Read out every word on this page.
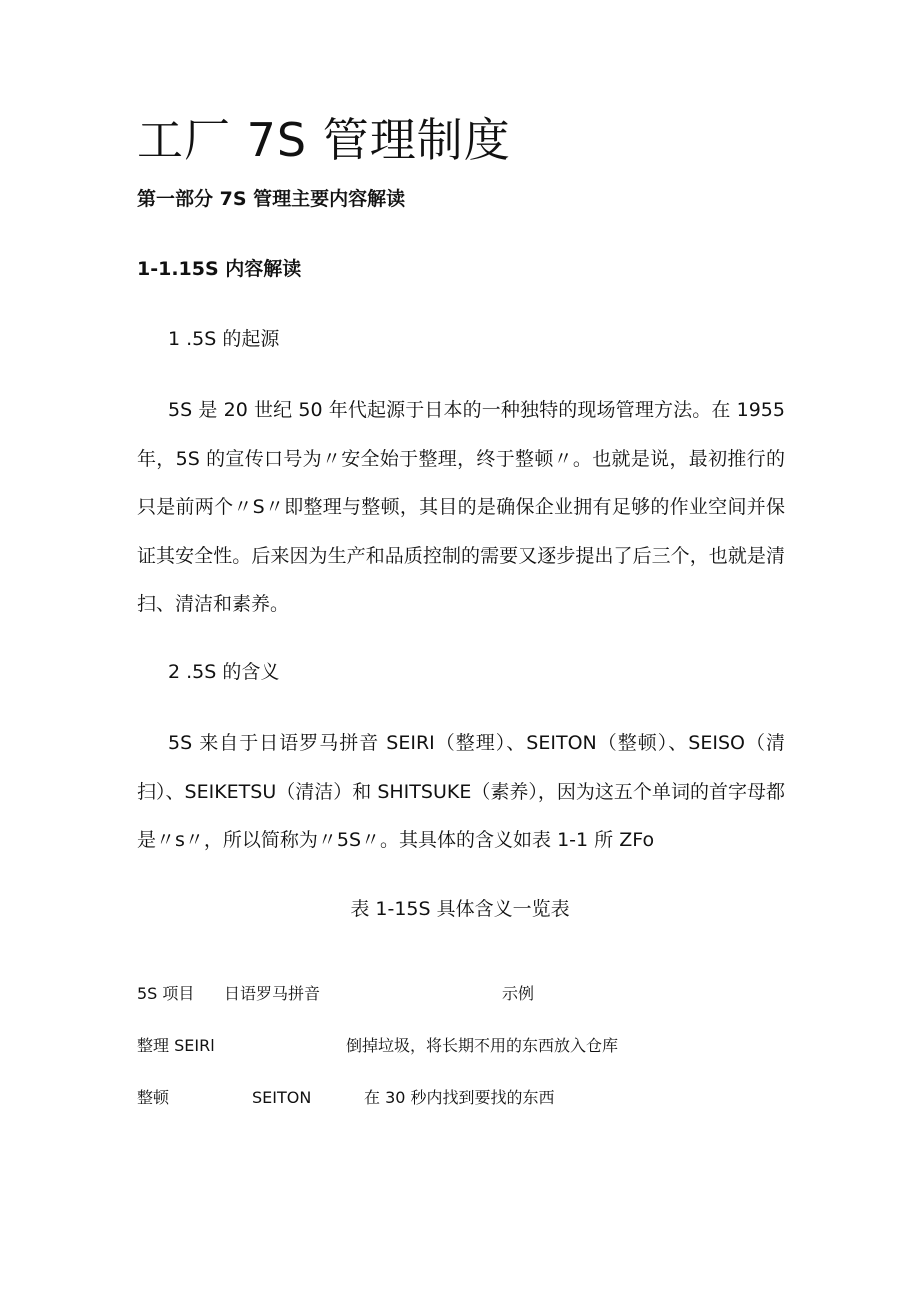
工厂 7S 管理制度
第一部分 7S 管理主要内容解读
1-1.15S 内容解读
1 .5S 的起源
5S 是 20 世纪 50 年代起源于日本的一种独特的现场管理方法。在 1955 年，5S 的宣传口号为〃安全始于整理，终于整顿〃。也就是说，最初推行的只是前两个〃S〃即整理与整顿，其目的是确保企业拥有足够的作业空间并保证其安全性。后来因为生产和品质控制的需要又逐步提出了后三个，也就是清扫、清洁和素养。
2 .5S 的含义
5S 来自于日语罗马拼音 SEIRI（整理）、SEITON（整顿）、SEISO（清扫）、SEIKETSU（清洁）和 SHITSUKE（素养），因为这五个单词的首字母都是〃s〃，所以简称为〃5S〃。其具体的含义如表 1-1 所 ZFo
表 1-15S 具体含义一览表
5S 项目 日语罗马拼音	示例
整理 SEIRl	倒掉垃圾，将长期不用的东西放入仓库
整顿	SEITON	在 30 秒内找到要找的东西
